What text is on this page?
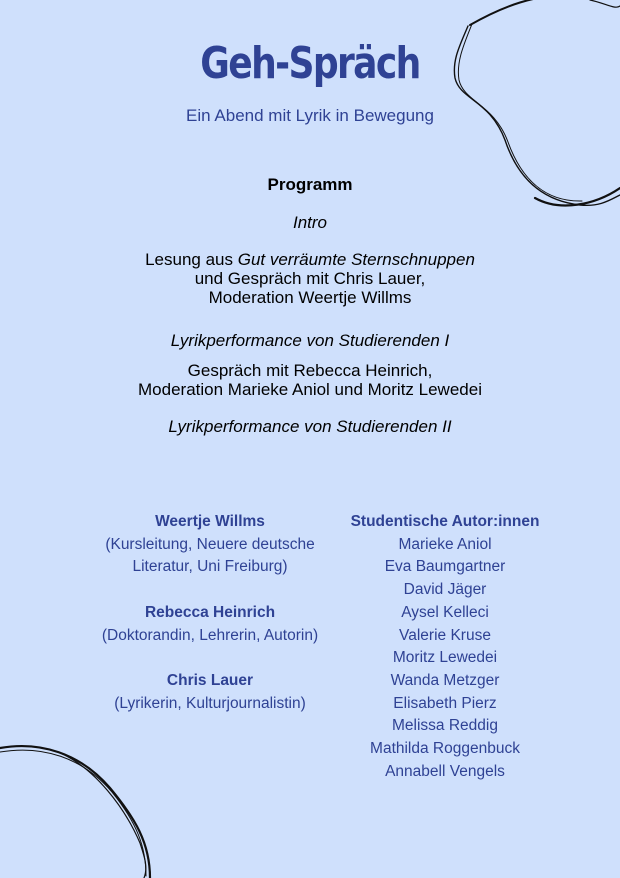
Geh-Spräch
Ein Abend mit Lyrik in Bewegung

Programm

Intro

Lesung aus Gut verräumte Sternschnuppen

und Gespräch mit Chris Lauer,

Moderation Weertje Willms

Lyrikperformance von Studierenden I

Gespräch mit Rebecca Heinrich,

Moderation Marieke Aniol und Moritz Lewedei

Lyrikperformance von Studierenden II

Weertje Willms
(Kursleitung, Neuere deutsche
Literatur, Uni Freiburg)
Rebecca Heinrich
(Doktorandin, Lehrerin, Autorin)
Chris Lauer
(Lyrikerin, Kulturjournalistin)
Studentische Autor:innen
Marieke Aniol
Eva Baumgartner
David Jäger
Aysel Kelleci
Valerie Kruse
Moritz Lewedei
Wanda Metzger
Elisabeth Pierz
Melissa Reddig
Mathilda Roggenbuck
Annabell Vengels
